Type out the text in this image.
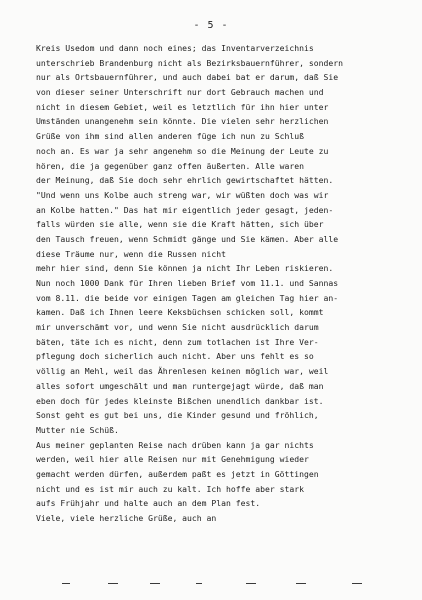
- 5 -
Kreis Usedom und dann noch eines; das Inventarverzeichnis
unterschrieb Brandenburg nicht als Bezirksbauernführer, sondern
nur als Ortsbauernführer, und auch dabei bat er darum, daß Sie
von dieser seiner Unterschrift nur dort Gebrauch machen und
nicht in diesem Gebiet, weil es letztlich für ihn hier unter
Umständen unangenehm sein könnte. Die vielen sehr herzlichen
Grüße von ihm sind allen anderen füge ich nun zu Schluß
noch an. Es war ja sehr angenehm so die Meinung der Leute zu
hören, die ja gegenüber ganz offen äußerten. Alle waren
der Meinung, daß Sie doch sehr ehrlich gewirtschaftet hätten.
"Und wenn uns Kolbe auch streng war, wir wüßten doch was wir
an Kolbe hatten." Das hat mir eigentlich jeder gesagt, jeden-
falls würden sie alle, wenn sie die Kraft hätten, sich über
den Tausch freuen, wenn Schmidt gänge und Sie kämen. Aber alle
diese Träume nur, wenn die Russen nicht
mehr hier sind, denn Sie können ja nicht Ihr Leben riskieren.
Nun noch 1000 Dank für Ihren lieben Brief vom 11.1. und Sannas
vom 8.11. die beide vor einigen Tagen am gleichen Tag hier an-
kamen. Daß ich Ihnen leere Keksbüchsen schicken soll, kommt
mir unverschämt vor, und wenn Sie nicht ausdrücklich darum
bäten, täte ich es nicht, denn zum totlachen ist Ihre Ver-
pflegung doch sicherlich auch nicht. Aber uns fehlt es so
völlig an Mehl, weil das Ährenlesen keinen möglich war, weil
alles sofort umgeschält und man runtergejagt würde, daß man
eben doch für jedes kleinste Bißchen unendlich dankbar ist.
Sonst geht es gut bei uns, die Kinder gesund und fröhlich,
Mutter nie Schüß.
Aus meiner geplanten Reise nach drüben kann ja gar nichts
werden, weil hier alle Reisen nur mit Genehmigung wieder
gemacht werden dürfen, außerdem paßt es jetzt in Göttingen
nicht und es ist mir auch zu kalt. Ich hoffe aber stark
aufs Frühjahr und halte auch an dem Plan fest.
Viele, viele herzliche Grüße, auch an
